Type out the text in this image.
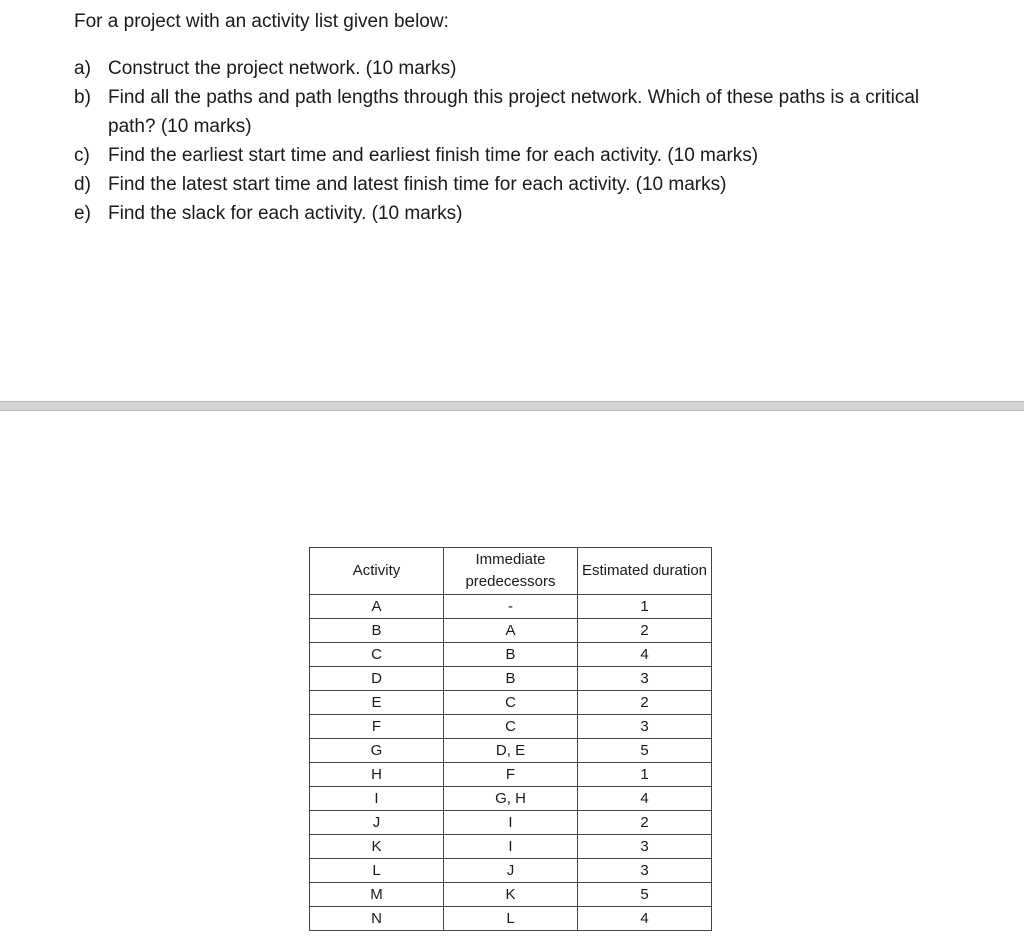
For a project with an activity list given below:
a) Construct the project network. (10 marks)
b) Find all the paths and path lengths through this project network. Which of these paths is a critical path? (10 marks)
c) Find the earliest start time and earliest finish time for each activity. (10 marks)
d) Find the latest start time and latest finish time for each activity. (10 marks)
e) Find the slack for each activity. (10 marks)
Activity	Immediate predecessors	Estimated duration
A	-	1
B	A	2
C	B	4
D	B	3
E	C	2
F	C	3
G	D, E	5
H	F	1
I	G, H	4
J	I	2
K	I	3
L	J	3
M	K	5
N	L	4
